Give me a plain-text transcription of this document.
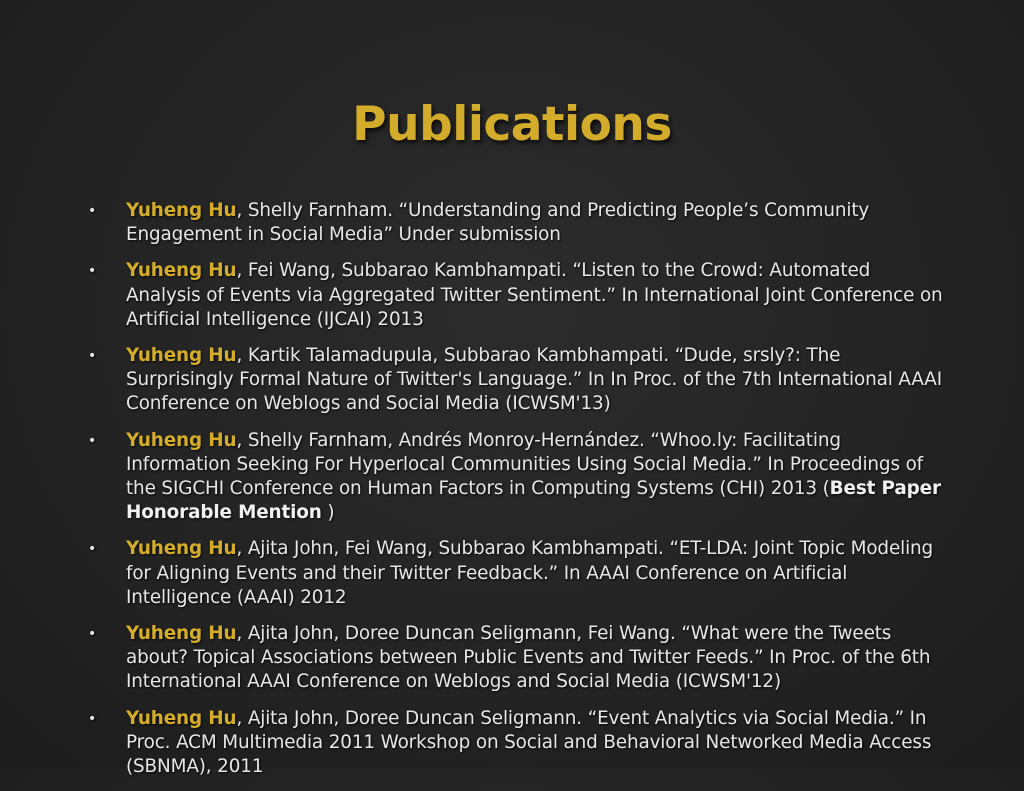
Publications
• Yuheng Hu, Shelly Farnham. “Understanding and Predicting People’s Community Engagement in Social Media” Under submission
• Yuheng Hu, Fei Wang, Subbarao Kambhampati. “Listen to the Crowd: Automated Analysis of Events via Aggregated Twitter Sentiment.” In International Joint Conference on Artificial Intelligence (IJCAI) 2013
• Yuheng Hu, Kartik Talamadupula, Subbarao Kambhampati. “Dude, srsly?: The Surprisingly Formal Nature of Twitter's Language.” In In Proc. of the 7th International AAAI Conference on Weblogs and Social Media (ICWSM'13)
• Yuheng Hu, Shelly Farnham, Andrés Monroy-Hernández. “Whoo.ly: Facilitating Information Seeking For Hyperlocal Communities Using Social Media.” In Proceedings of the SIGCHI Conference on Human Factors in Computing Systems (CHI) 2013 (Best Paper Honorable Mention )
• Yuheng Hu, Ajita John, Fei Wang, Subbarao Kambhampati. “ET-LDA: Joint Topic Modeling for Aligning Events and their Twitter Feedback.” In AAAI Conference on Artificial Intelligence (AAAI) 2012
• Yuheng Hu, Ajita John, Doree Duncan Seligmann, Fei Wang. “What were the Tweets about? Topical Associations between Public Events and Twitter Feeds.” In Proc. of the 6th International AAAI Conference on Weblogs and Social Media (ICWSM'12)
• Yuheng Hu, Ajita John, Doree Duncan Seligmann. “Event Analytics via Social Media.” In Proc. ACM Multimedia 2011 Workshop on Social and Behavioral Networked Media Access (SBNMA), 2011
